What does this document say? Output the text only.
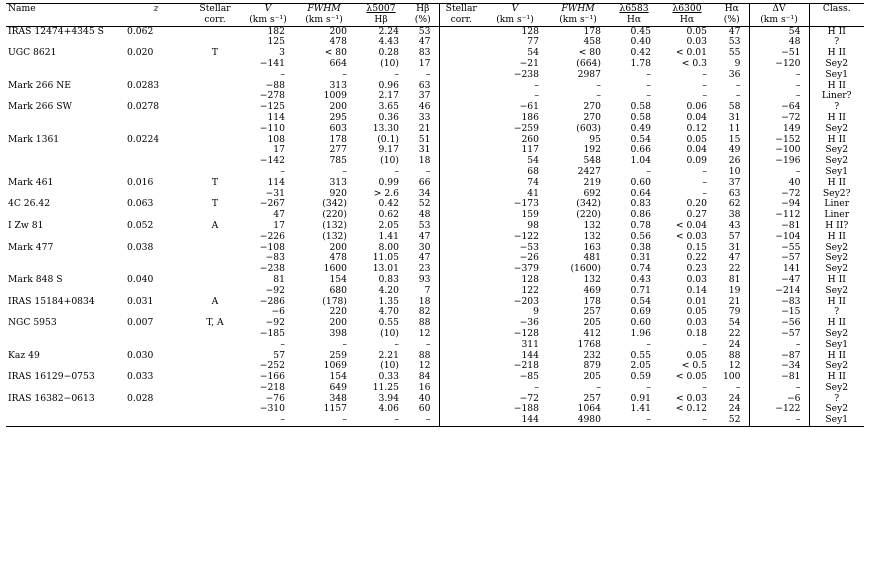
Name	z	Stellar	V	FWHM	λ5007	Hβ	Stellar	V	FWHM	λ6583	λ6300	Hα	ΔV	Class.
		corr.	(km s⁻¹)	(km s⁻¹)	Hβ	(%)	corr.	(km s⁻¹)	(km s⁻¹)	Hα	Hα	(%)	(km s⁻¹)	
IRAS 12474+4345 S	0.062		182	200	2.24	53		128	178	0.45	0.05	47	54	H II
			125	478	4.43	47		77	458	0.40	0.03	53	48	?
UGC 8621	0.020	T	3	< 80	0.28	83		54	< 80	0.42	< 0.01	55	−51	H II
			−141	664	(10)	17		−21	(664)	1.78	< 0.3	9	−120	Sey2
			–	–	–	–		−238	2987	–	–	36	–	Sey1
Mark 266 NE	0.0283		−88	313	0.96	63		–	–	–	–	–	–	H II
			−278	1009	2.17	37		–	–	–	–	–	–	Liner?
Mark 266 SW	0.0278		−125	200	3.65	46		−61	270	0.58	0.06	58	−64	?
			114	295	0.36	33		186	270	0.58	0.04	31	−72	H II
			−110	603	13.30	21		−259	(603)	0.49	0.12	11	149	Sey2
Mark 1361	0.0224		108	178	(0.1)	51		260	95	0.54	0.05	15	−152	H II
			17	277	9.17	31		117	192	0.66	0.04	49	−100	Sey2
			−142	785	(10)	18		54	548	1.04	0.09	26	−196	Sey2
			–	–	–	–		68	2427	–	–	10	–	Sey1
Mark 461	0.016	T	114	313	0.99	66		74	219	0.60	–	37	40	H II
			−31	920	> 2.6	34		41	692	0.64	–	63	−72	Sey2?
4C 26.42	0.063	T	−267	(342)	0.42	52		−173	(342)	0.83	0.20	62	−94	Liner
			47	(220)	0.62	48		159	(220)	0.86	0.27	38	−112	Liner
I Zw 81	0.052	A	17	(132)	2.05	53		98	132	0.78	< 0.04	43	−81	H II?
			−226	(132)	1.41	47		−122	132	0.56	< 0.03	57	−104	H II
Mark 477	0.038		−108	200	8.00	30		−53	163	0.38	0.15	31	−55	Sey2
			−83	478	11.05	47		−26	481	0.31	0.22	47	−57	Sey2
			−238	1600	13.01	23		−379	(1600)	0.74	0.23	22	141	Sey2
Mark 848 S	0.040		81	154	0.83	93		128	132	0.43	0.03	81	−47	H II
			−92	680	4.20	7		122	469	0.71	0.14	19	−214	Sey2
IRAS 15184+0834	0.031	A	−286	(178)	1.35	18		−203	178	0.54	0.01	21	−83	H II
			−6	220	4.70	82		9	257	0.69	0.05	79	−15	?
NGC 5953	0.007	T, A	−92	200	0.55	88		−36	205	0.60	0.03	54	−56	H II
			−185	398	(10)	12		−128	412	1.96	0.18	22	−57	Sey2
			–	–	–	–		311	1768	–	–	24	–	Sey1
Kaz 49	0.030		57	259	2.21	88		144	232	0.55	0.05	88	−87	H II
			−252	1069	(10)	12		−218	879	2.05	< 0.5	12	−34	Sey2
IRAS 16129−0753	0.033		−166	154	0.33	84		−85	205	0.59	< 0.05	100	−81	H II
			−218	649	11.25	16		–	–	–	–	–	–	Sey2
IRAS 16382−0613	0.028		−76	348	3.94	40		−72	257	0.91	< 0.03	24	−6	?
			−310	1157	4.06	60		−188	1064	1.41	< 0.12	24	−122	Sey2
			–	–	–	–		144	4980	–	–	52	–	Sey1
